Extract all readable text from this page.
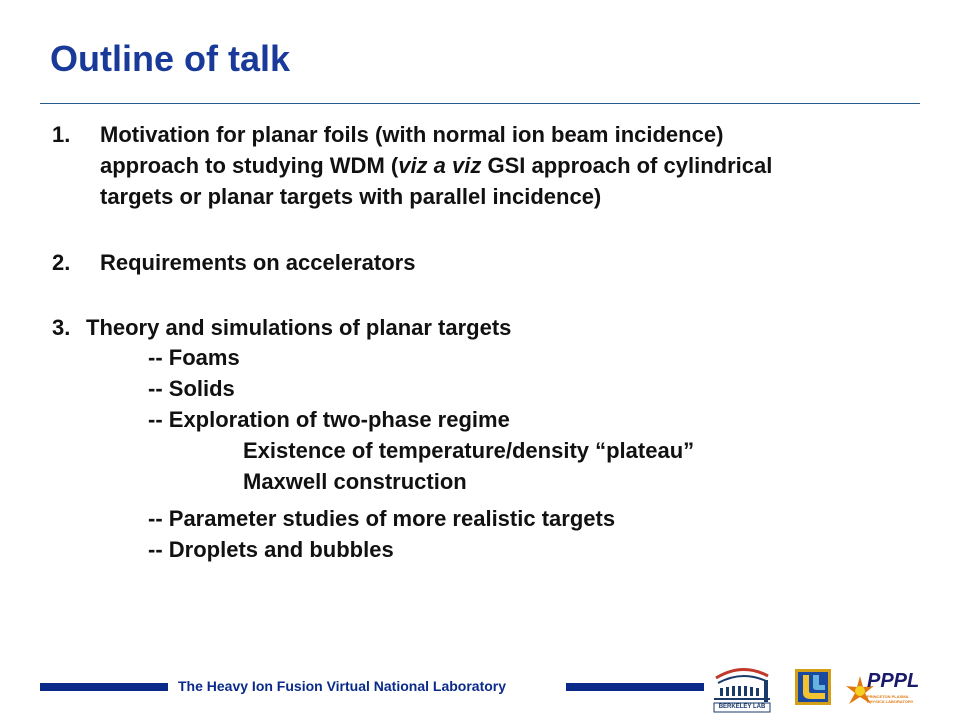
Outline of talk
1. Motivation for planar foils (with normal ion beam incidence)
approach to studying WDM (viz a viz GSI approach of cylindrical
targets or planar targets with parallel incidence)
2. Requirements on accelerators
3. Theory and simulations of planar targets
-- Foams
-- Solids
-- Exploration of two-phase regime
Existence of temperature/density “plateau”
Maxwell construction
-- Parameter studies of more realistic targets
-- Droplets and bubbles
The Heavy Ion Fusion Virtual National Laboratory
BERKELEY LAB
PPPL
PRINCETON PLASMA PHYSICS LABORATORY
